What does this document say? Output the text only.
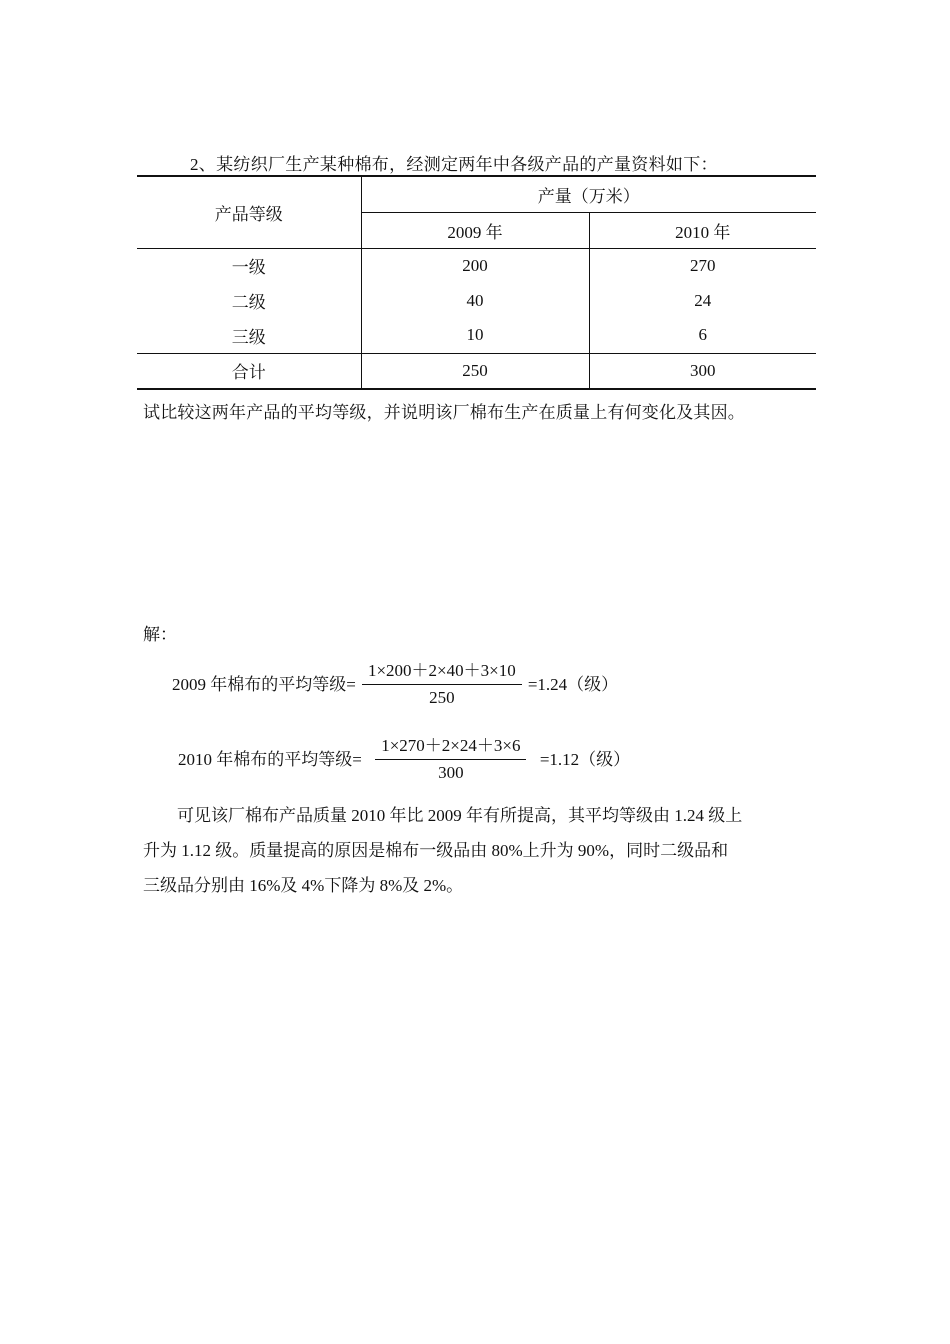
2、某纺织厂生产某种棉布，经测定两年中各级产品的产量资料如下：
产品等级	产量（万米）	
	2009 年	2010 年
一级	200	270
二级	40	24
三级	10	6
合计	250	300
试比较这两年产品的平均等级，并说明该厂棉布生产在质量上有何变化及其因。
解：
2009 年棉布的平均等级= $\frac{1\times 200+2\times 40+3\times 10}{250} =1.24$（级）
2010 年棉布的平均等级= $\frac{1\times 270+2\times 24+3\times 6}{300} =1.12$（级）
可见该厂棉布产品质量 2010 年比 2009 年有所提高，其平均等级由 1.24 级上
升为 1.12 级。质量提高的原因是棉布一级品由 80%上升为 90%，同时二级品和
三级品分别由 16%及 4%下降为 8%及 2%。
